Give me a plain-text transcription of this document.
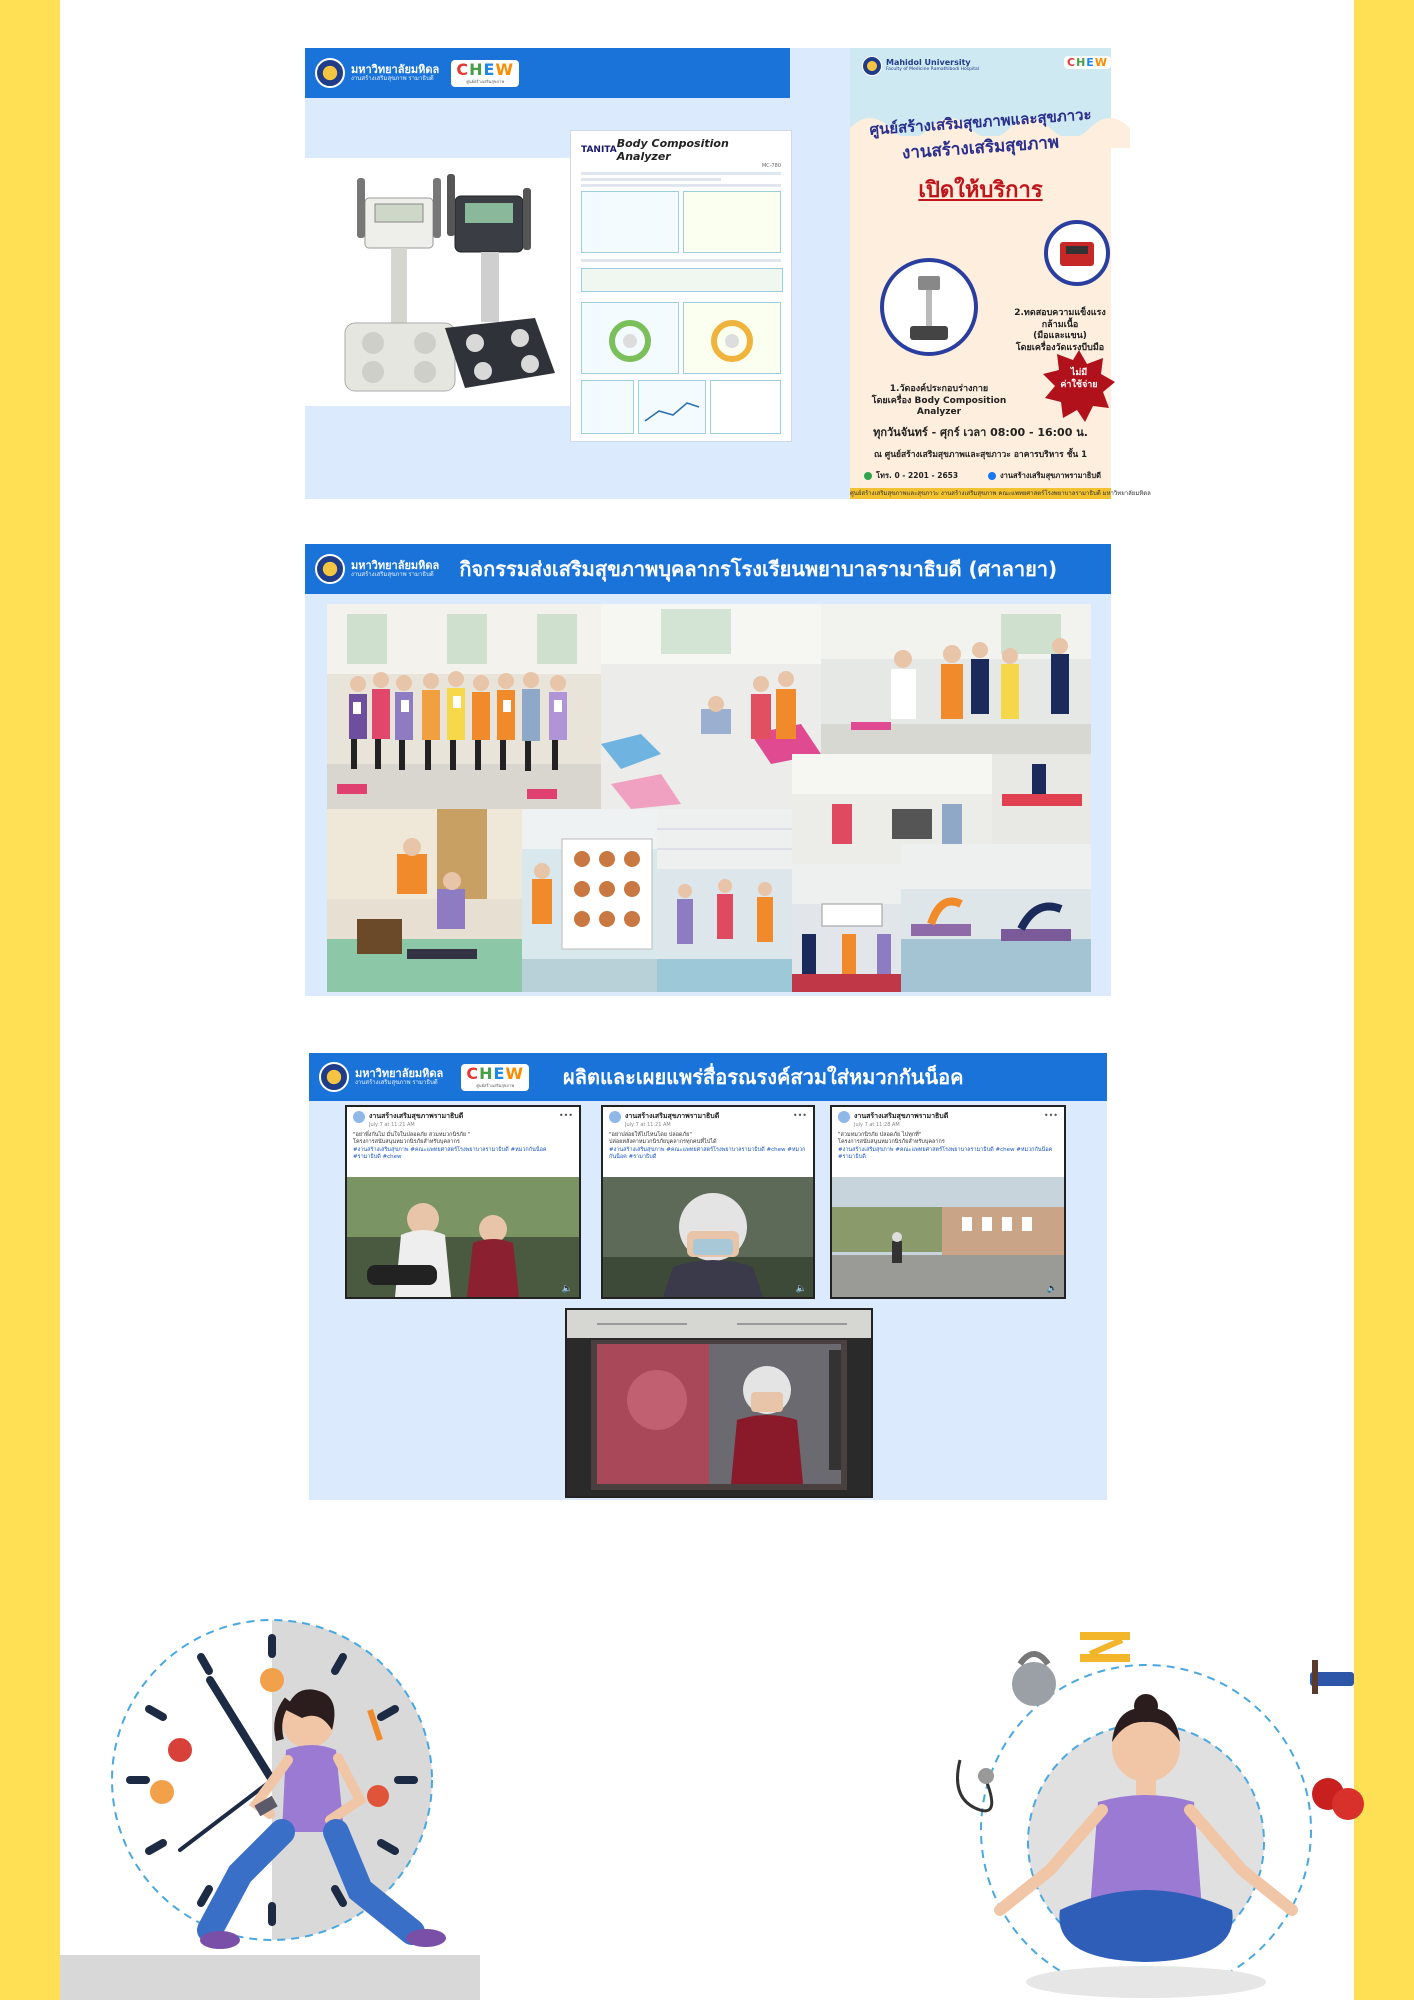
มหาวิทยาลัยมหิดล
งานสร้างเสริมสุขภาพ รามาธิบดี	CHEW
ศูนย์สร้างเสริมสุขภาพ
TANITA Body Composition Analyzer
MC-780
Mahidol University
Faculty of Medicine Ramathibodi Hospital
CHEW
ศูนย์สร้างเสริมสุขภาพและสุขภาวะ
งานสร้างเสริมสุขภาพ
เปิดให้บริการ
2.ทดสอบความแข็งแรงกล้ามเนื้อ
(มือและแขน)
โดยเครื่องวัดแรงบีบมือ
ไม่มี
ค่าใช้จ่าย
1.วัดองค์ประกอบร่างกาย
โดยเครื่อง Body Composition Analyzer
ทุกวันจันทร์ - ศุกร์ เวลา 08:00 - 16:00 น.
ณ ศูนย์สร้างเสริมสุขภาพและสุขภาวะ อาคารบริหาร ชั้น 1
โทร. 0 - 2201 - 2653	งานสร้างเสริมสุขภาพรามาธิบดี
ศูนย์สร้างเสริมสุขภาพและสุขภาวะ งานสร้างเสริมสุขภาพ คณะแพทยศาสตร์โรงพยาบาลรามาธิบดี มหาวิทยาลัยมหิดล
มหาวิทยาลัยมหิดล
งานสร้างเสริมสุขภาพ รามาธิบดี กิจกรรมส่งเสริมสุขภาพบุคลากรโรงเรียนพยาบาลรามาธิบดี (ศาลายา)
มหาวิทยาลัยมหิดล
งานสร้างเสริมสุขภาพ รามาธิบดี	CHEW
ศูนย์สร้างเสริมสุขภาพ ผลิตและเผยแพร่สื่อรณรงค์สวมใส่หมวกกันน็อค
งานสร้างเสริมสุขภาพรามาธิบดี
July 7 at 11:21 AM
•••
"อย่าพึ่งกันไม่ มั่นใจในปลอดภัย สวมหมวกนิรภัย "
โครงการสนับสนุนหมวกนิรภัยสำหรับบุคลากร
#งานสร้างเสริมสุขภาพ #คณะแพทยศาสตร์โรงพยาบาลรามาธิบดี #หมวกกันน็อค #รามาธิบดี #chew
🔈
งานสร้างเสริมสุขภาพรามาธิบดี
July 7 at 11:21 AM
•••
"อย่าปล่อยให้ไปไหนโดย ปลอดภัย"
ปล่อยหลังคาหมวกนิรภัยบุคลากรทุกคนที่ไปได้
#งานสร้างเสริมสุขภาพ #คณะแพทยศาสตร์โรงพยาบาลรามาธิบดี #chew #หมวกกันน็อค #รามาธิบดี
🔈
งานสร้างเสริมสุขภาพรามาธิบดี
July 7 at 11:28 AM
•••
"สวมหมวกนิรภัย ปลอดภัย ไปทุกที่"
โครงการสนับสนุนหมวกนิรภัยสำหรับบุคลากร
#งานสร้างเสริมสุขภาพ #คณะแพทยศาสตร์โรงพยาบาลรามาธิบดี #chew #หมวกกันน็อค #รามาธิบดี
🔈
